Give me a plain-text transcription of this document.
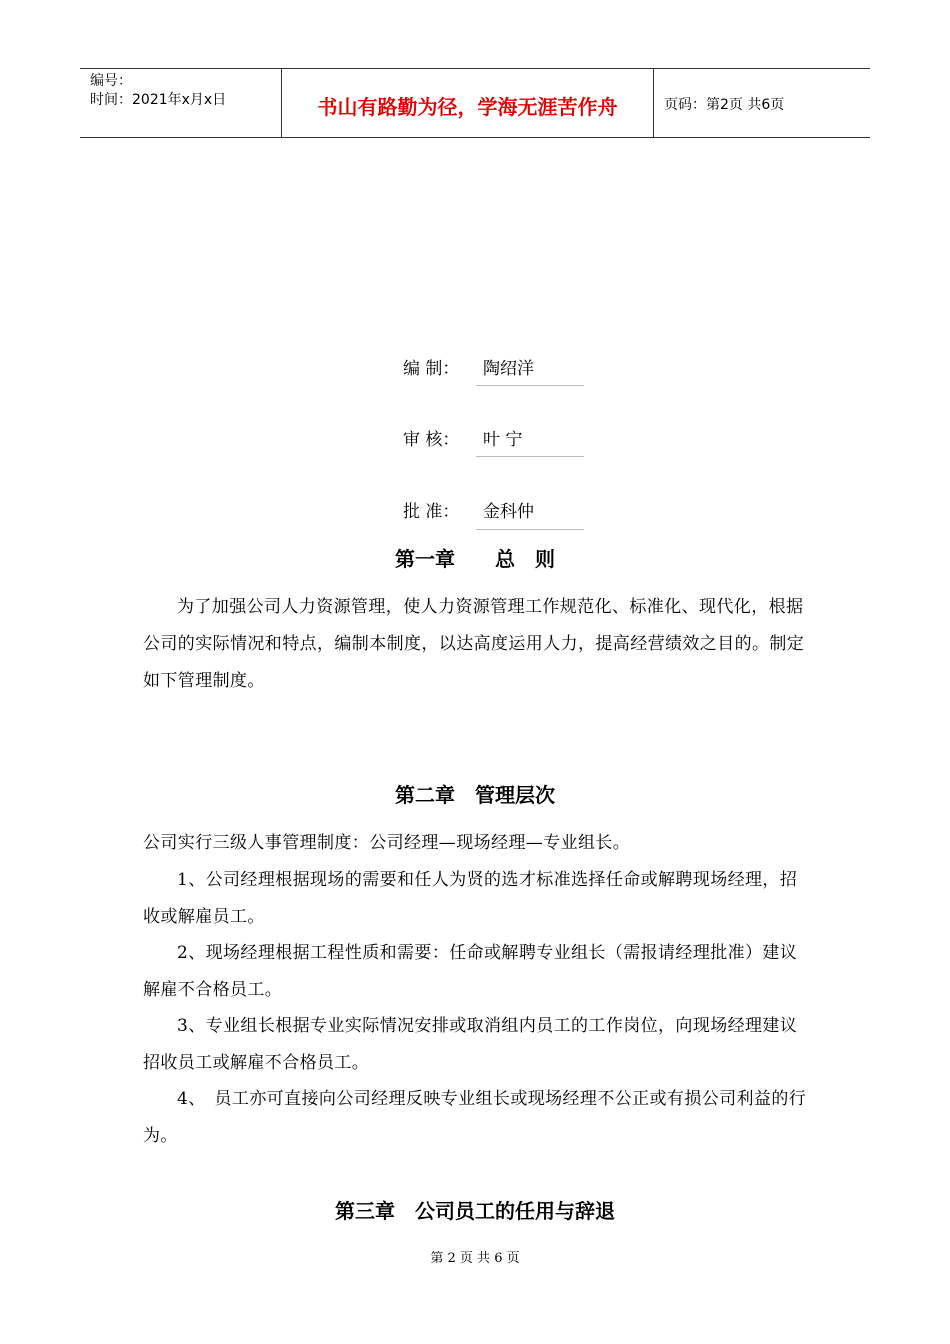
编号：
时间：2021年x月x日	书山有路勤为径，学海无涯苦作舟	页码：第2页 共6页
编 制：	陶绍洋
审 核：	叶 宁
批 准：	金科仲
第一章　　总　则
为了加强公司人力资源管理，使人力资源管理工作规范化、标准化、现代化，根据公司的实际情况和特点，编制本制度，以达高度运用人力，提高经营绩效之目的。制定如下管理制度。
第二章　管理层次
公司实行三级人事管理制度：公司经理—现场经理—专业组长。
1、公司经理根据现场的需要和任人为贤的选才标准选择任命或解聘现场经理，招收或解雇员工。
2、现场经理根据工程性质和需要：任命或解聘专业组长（需报请经理批准）建议解雇不合格员工。
3、专业组长根据专业实际情况安排或取消组内员工的工作岗位，向现场经理建议招收员工或解雇不合格员工。
4、　员工亦可直接向公司经理反映专业组长或现场经理不公正或有损公司利益的行为。
第三章　公司员工的任用与辞退
第 2 页 共 6 页
